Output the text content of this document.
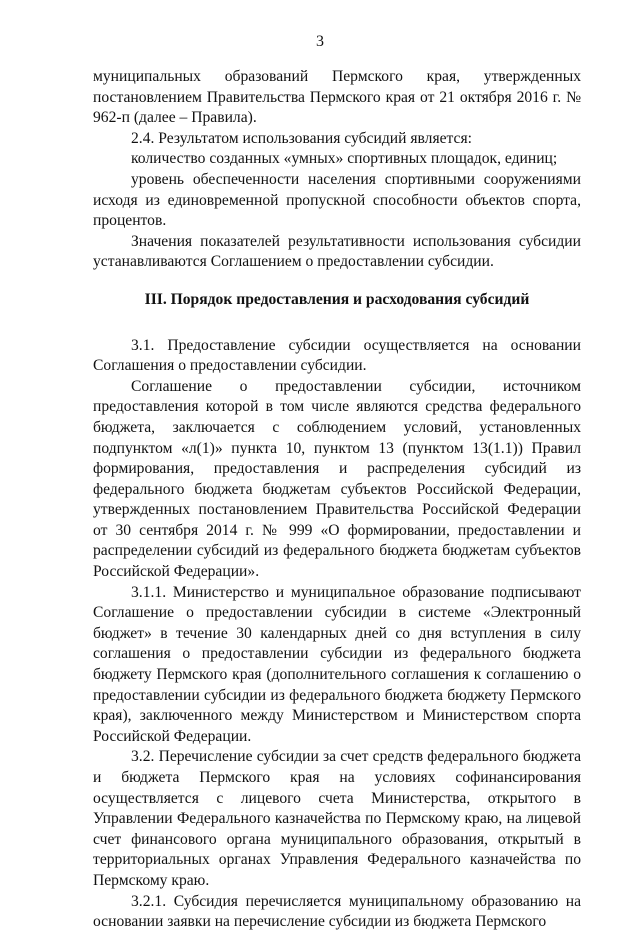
3

муниципальных образований Пермского края, утвержденных постановлением Правительства Пермского края от 21 октября 2016 г. № 962-п (далее – Правила).

2.4. Результатом использования субсидий является:

количество созданных «умных» спортивных площадок, единиц;

уровень обеспеченности населения спортивными сооружениями исходя из единовременной пропускной способности объектов спорта, процентов.

Значения показателей результативности использования субсидии устанавливаются Соглашением о предоставлении субсидии.

III. Порядок предоставления и расходования субсидий

3.1. Предоставление субсидии осуществляется на основании Соглашения о предоставлении субсидии.

Соглашение о предоставлении субсидии, источником предоставления которой в том числе являются средства федерального бюджета, заключается с соблюдением условий, установленных подпунктом «л(1)» пункта 10, пунктом 13 (пунктом 13(1.1)) Правил формирования, предоставления и распределения субсидий из федерального бюджета бюджетам субъектов Российской Федерации, утвержденных постановлением Правительства Российской Федерации от 30 сентября 2014 г. № 999 «О формировании, предоставлении и распределении субсидий из федерального бюджета бюджетам субъектов Российской Федерации».

3.1.1. Министерство и муниципальное образование подписывают Соглашение о предоставлении субсидии в системе «Электронный бюджет» в течение 30 календарных дней со дня вступления в силу соглашения о предоставлении субсидии из федерального бюджета бюджету Пермского края (дополнительного соглашения к соглашению о предоставлении субсидии из федерального бюджета бюджету Пермского края), заключенного между Министерством и Министерством спорта Российской Федерации.

3.2. Перечисление субсидии за счет средств федерального бюджета и бюджета Пермского края на условиях софинансирования осуществляется с лицевого счета Министерства, открытого в Управлении Федерального казначейства по Пермскому краю, на лицевой счет финансового органа муниципального образования, открытый в территориальных органах Управления Федерального казначейства по Пермскому краю.

3.2.1. Субсидия перечисляется муниципальному образованию на основании заявки на перечисление субсидии из бюджета Пермского
